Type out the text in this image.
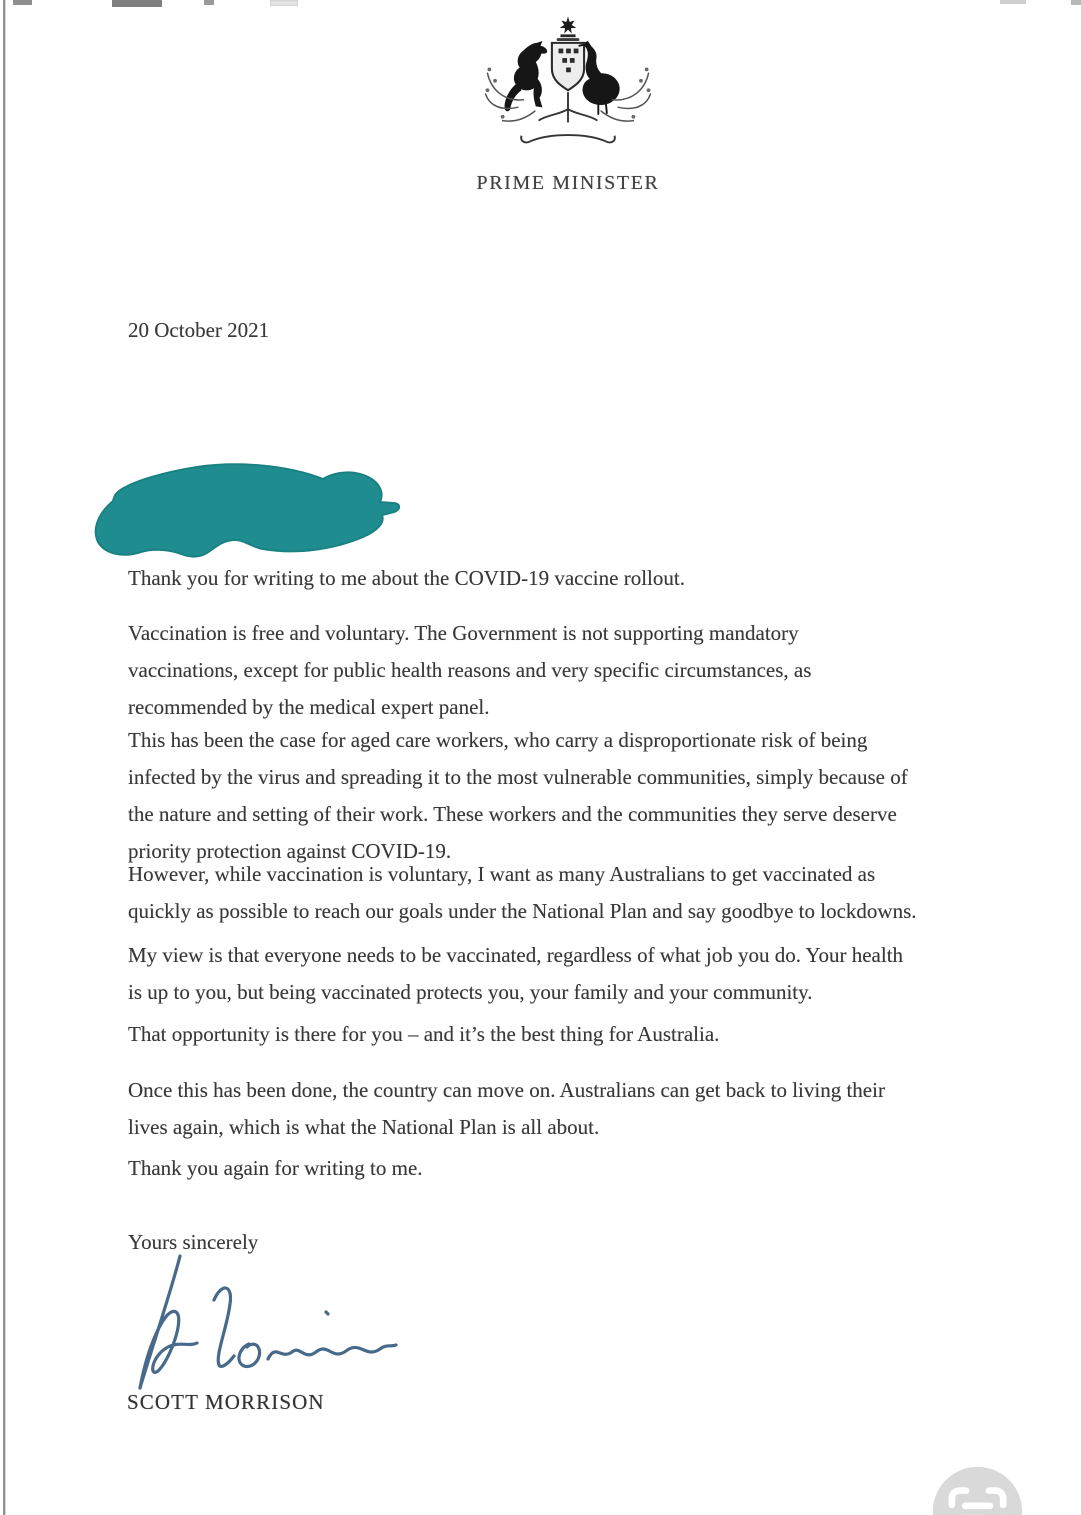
PRIME MINISTER
20 October 2021
Thank you for writing to me about the COVID-19 vaccine rollout.
Vaccination is free and voluntary. The Government is not supporting mandatory
vaccinations, except for public health reasons and very specific circumstances, as
recommended by the medical expert panel.
This has been the case for aged care workers, who carry a disproportionate risk of being
infected by the virus and spreading it to the most vulnerable communities, simply because of
the nature and setting of their work. These workers and the communities they serve deserve
priority protection against COVID-19.
However, while vaccination is voluntary, I want as many Australians to get vaccinated as
quickly as possible to reach our goals under the National Plan and say goodbye to lockdowns.
My view is that everyone needs to be vaccinated, regardless of what job you do. Your health
is up to you, but being vaccinated protects you, your family and your community.
That opportunity is there for you – and it’s the best thing for Australia.
Once this has been done, the country can move on. Australians can get back to living their
lives again, which is what the National Plan is all about.
Thank you again for writing to me.
Yours sincerely
SCOTT MORRISON
